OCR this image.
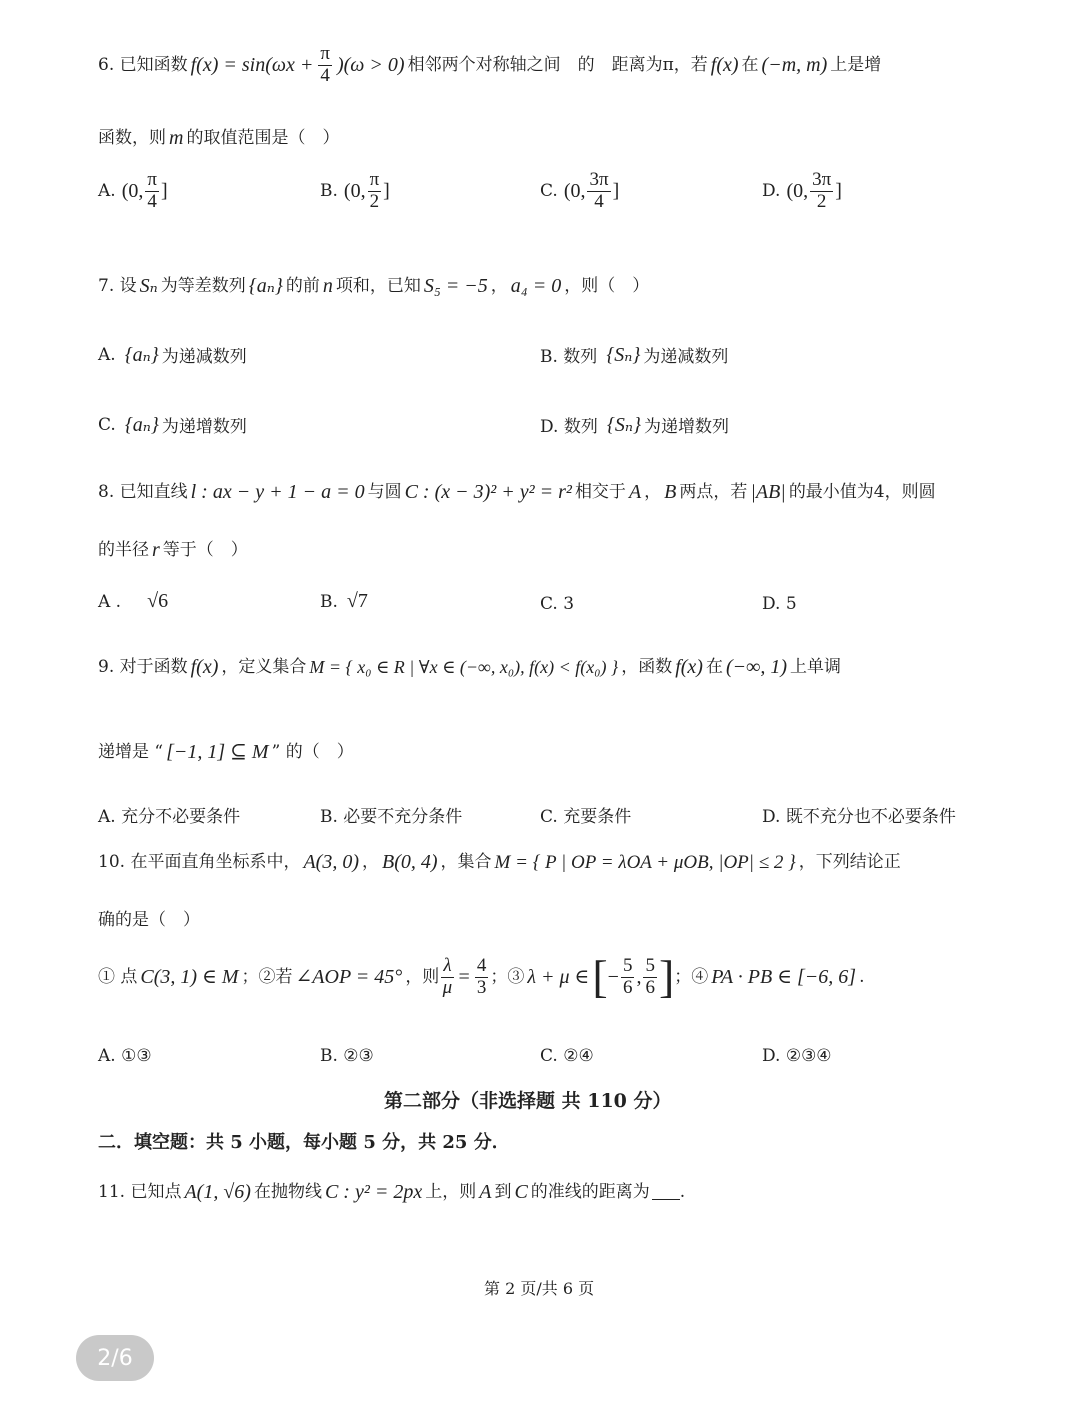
6. 已知函数 $f(x) = \sin(\omega x + \frac{\pi}{4} )(\omega > 0)$ 相邻两个对称轴之间　的　距离为π，若 f(x) 在 (−m, m) 上是增
函数，则 m 的取值范围是（　）
A. (0, $\frac{\pi}{4}$ ]	B. (0, $\frac{\pi}{2}$ ]	C. (0, $\frac{3\pi}{4}$ ]	D. (0, $\frac{3\pi}{2}$ ]
7. 设 Sₙ 为等差数列 {aₙ} 的前 n 项和，已知 S₅ = −5 ， a₄ = 0 ，则（　）
A. {aₙ} 为递减数列	B. 数列 {Sₙ} 为递减数列
C. {aₙ} 为递增数列	D. 数列 {Sₙ} 为递增数列
8. 已知直线 l : ax − y + 1 − a = 0 与圆 C : (x − 3)² + y² = r² 相交于 A ， B 两点，若 |AB| 的最小值为4，则圆
的半径 r 等于（　）
A . √6	B. √7	C. 3	D. 5
9. 对于函数 f(x) ，定义集合 M = { x₀ ∈ R | ∀x ∈ (−∞, x₀), f(x) < f(x₀) } ，函数 f(x) 在 (−∞, 1) 上单调
递增是 “ [−1, 1] ⊆ M ” 的（　）
A. 充分不必要条件	B. 必要不充分条件	C. 充要条件	D. 既不充分也不必要条件
10. 在平面直角坐标系中， A(3, 0) ， B(0, 4) ，集合 M = { P | OP = λOA + μOB, |OP| ≤ 2 } ，下列结论正
确的是（　）
① 点 C(3, 1) ∈ M ；②若 ∠AOP = 45° ，则 $\frac{\lambda}{\mu} = \frac{4}{3}$ ；③ λ + μ ∈ [ − $\frac{5}{6}$ , $\frac{5}{6}$ ] ；④ PA · PB ∈ [−6, 6] .
A. ①③	B. ②③	C. ②④	D. ②③④
第二部分（非选择题 共 110 分）
二．填空题：共 5 小题，每小题 5 分，共 25 分．
11. 已知点 A(1, √6) 在抛物线 C : y² = 2px 上，则 A 到 C 的准线的距离为 .
第 2 页/共 6 页
2/6
